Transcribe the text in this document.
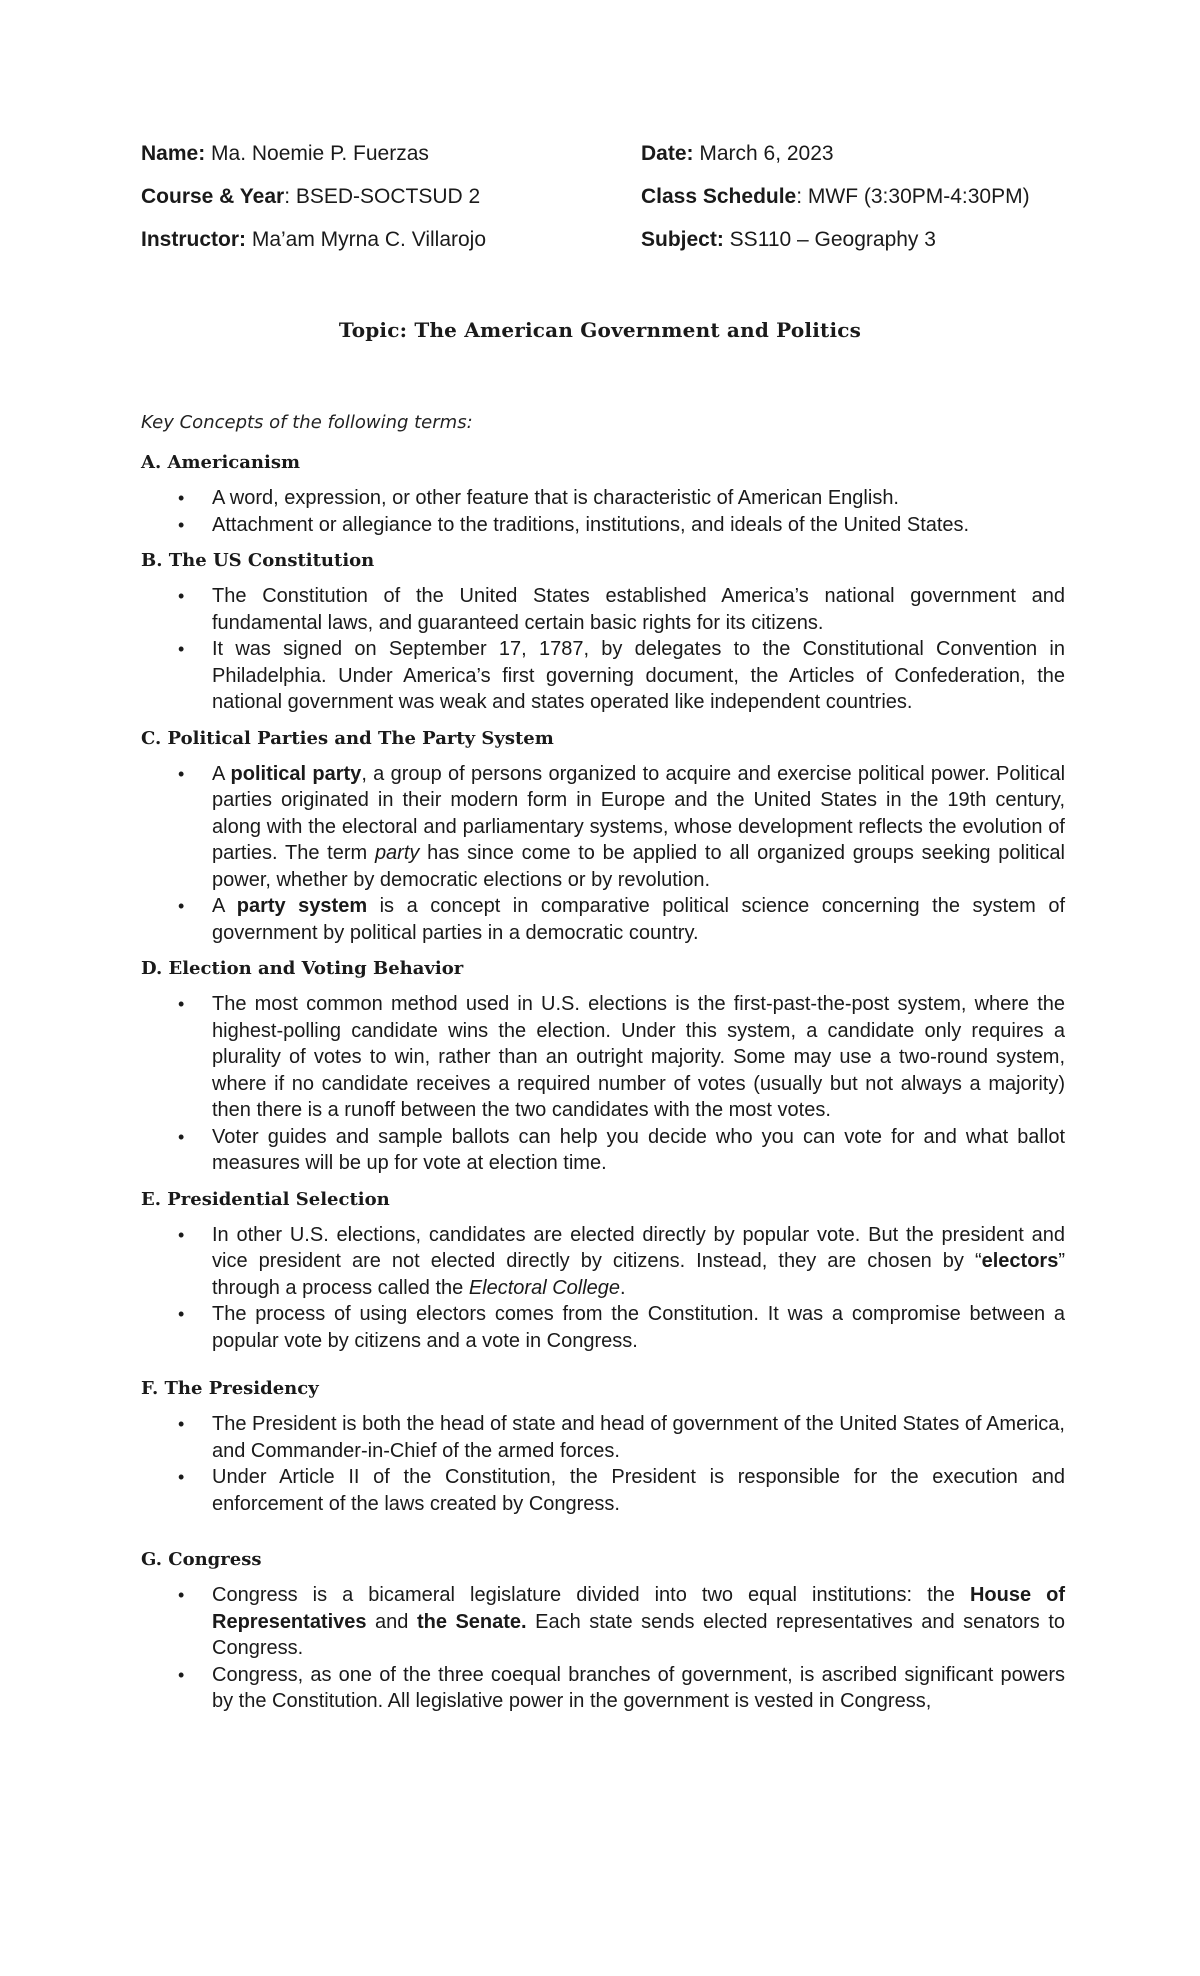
Name: Ma. Noemie P. Fuerzas	Date: March 6, 2023
Course & Year: BSED-SOCTSUD 2	Class Schedule: MWF (3:30PM-4:30PM)
Instructor: Ma’am Myrna C. Villarojo	Subject: SS110 – Geography 3
Topic: The American Government and Politics
Key Concepts of the following terms:
A. Americanism
• A word, expression, or other feature that is characteristic of American English.
• Attachment or allegiance to the traditions, institutions, and ideals of the United States.
B. The US Constitution
• The Constitution of the United States established America’s national government and fundamental laws, and guaranteed certain basic rights for its citizens.
• It was signed on September 17, 1787, by delegates to the Constitutional Convention in Philadelphia. Under America’s first governing document, the Articles of Confederation, the national government was weak and states operated like independent countries.
C. Political Parties and The Party System
• A political party, a group of persons organized to acquire and exercise political power. Political parties originated in their modern form in Europe and the United States in the 19th century, along with the electoral and parliamentary systems, whose development reflects the evolution of parties. The term party has since come to be applied to all organized groups seeking political power, whether by democratic elections or by revolution.
• A party system is a concept in comparative political science concerning the system of government by political parties in a democratic country.
D. Election and Voting Behavior
• The most common method used in U.S. elections is the first-past-the-post system, where the highest-polling candidate wins the election. Under this system, a candidate only requires a plurality of votes to win, rather than an outright majority. Some may use a two-round system, where if no candidate receives a required number of votes (usually but not always a majority) then there is a runoff between the two candidates with the most votes.
• Voter guides and sample ballots can help you decide who you can vote for and what ballot measures will be up for vote at election time.
E. Presidential Selection
• In other U.S. elections, candidates are elected directly by popular vote. But the president and vice president are not elected directly by citizens. Instead, they are chosen by “electors” through a process called the Electoral College.
• The process of using electors comes from the Constitution. It was a compromise between a popular vote by citizens and a vote in Congress.
F. The Presidency
• The President is both the head of state and head of government of the United States of America, and Commander-in-Chief of the armed forces.
• Under Article II of the Constitution, the President is responsible for the execution and enforcement of the laws created by Congress.
G. Congress
• Congress is a bicameral legislature divided into two equal institutions: the House of Representatives and the Senate. Each state sends elected representatives and senators to Congress.
• Congress, as one of the three coequal branches of government, is ascribed significant powers by the Constitution. All legislative power in the government is vested in Congress,
